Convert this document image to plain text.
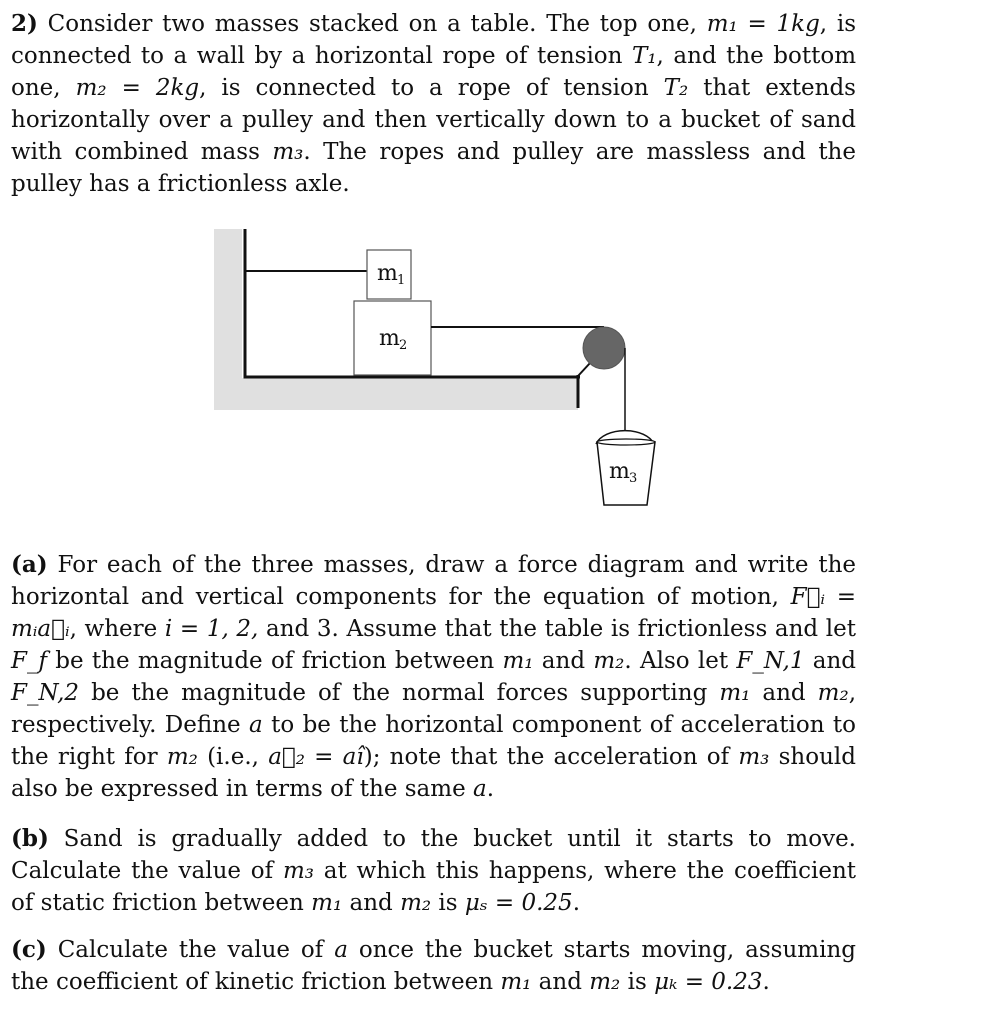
2) Consider two masses stacked on a table. The top one, m₁ = 1kg, is connected to a wall by a horizontal rope of tension T₁, and the bottom one, m₂ = 2kg, is connected to a rope of tension T₂ that extends horizontally over a pulley and then vertically down to a bucket of sand with combined mass m₃. The ropes and pulley are massless and the pulley has a frictionless axle.

m 1
m 2
m 3

(a) For each of the three masses, draw a force diagram and write the horizontal and vertical components for the equation of motion, F⃗ᵢ = mᵢa⃗ᵢ, where i = 1, 2, and 3. Assume that the table is frictionless and let F_f be the magnitude of friction between m₁ and m₂. Also let F_N,1 and F_N,2 be the magnitude of the normal forces supporting m₁ and m₂, respectively. Define a to be the horizontal component of acceleration to the right for m₂ (i.e., a⃗₂ = aî); note that the acceleration of m₃ should also be expressed in terms of the same a.

(b) Sand is gradually added to the bucket until it starts to move. Calculate the value of m₃ at which this happens, where the coefficient of static friction between m₁ and m₂ is μₛ = 0.25.

(c) Calculate the value of a once the bucket starts moving, assuming the coefficient of kinetic friction between m₁ and m₂ is μₖ = 0.23.
